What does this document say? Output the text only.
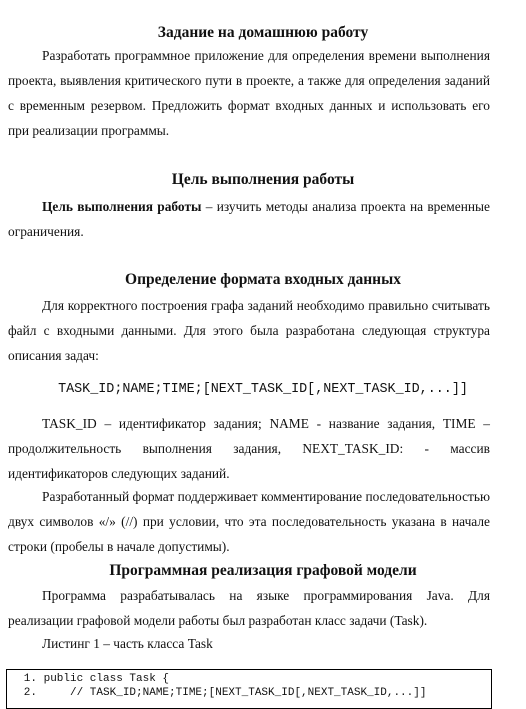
Задание на домашнюю работу

Разработать программное приложение для определения времени выполнения проекта, выявления критического пути в проекте, а также для определения заданий с временным резервом. Предложить формат входных данных и использовать его при реализации программы.

Цель выполнения работы

Цель выполнения работы – изучить методы анализа проекта на временные ограничения.

Определение формата входных данных

Для корректного построения графа заданий необходимо правильно считывать файл с входными данными. Для этого была разработана следующая структура описания задач:

TASK_ID;NAME;TIME;[NEXT_TASK_ID[,NEXT_TASK_ID,...]]

TASK_ID – идентификатор задания; NAME - название задания, TIME – продолжительность выполнения задания, NEXT_TASK_ID: - массив идентификаторов следующих заданий.

Разработанный формат поддерживает комментирование последовательностью двух символов «/» (//) при условии, что эта последовательность указана в начале строки (пробелы в начале допустимы).

Программная реализация графовой модели

Программа разрабатывалась на языке программирования Java. Для реализации графовой модели работы был разработан класс задачи (Task).

Листинг 1 – часть класса Task

1. public class Task {
2.     // TASK_ID;NAME;TIME;[NEXT_TASK_ID[,NEXT_TASK_ID,...]]
